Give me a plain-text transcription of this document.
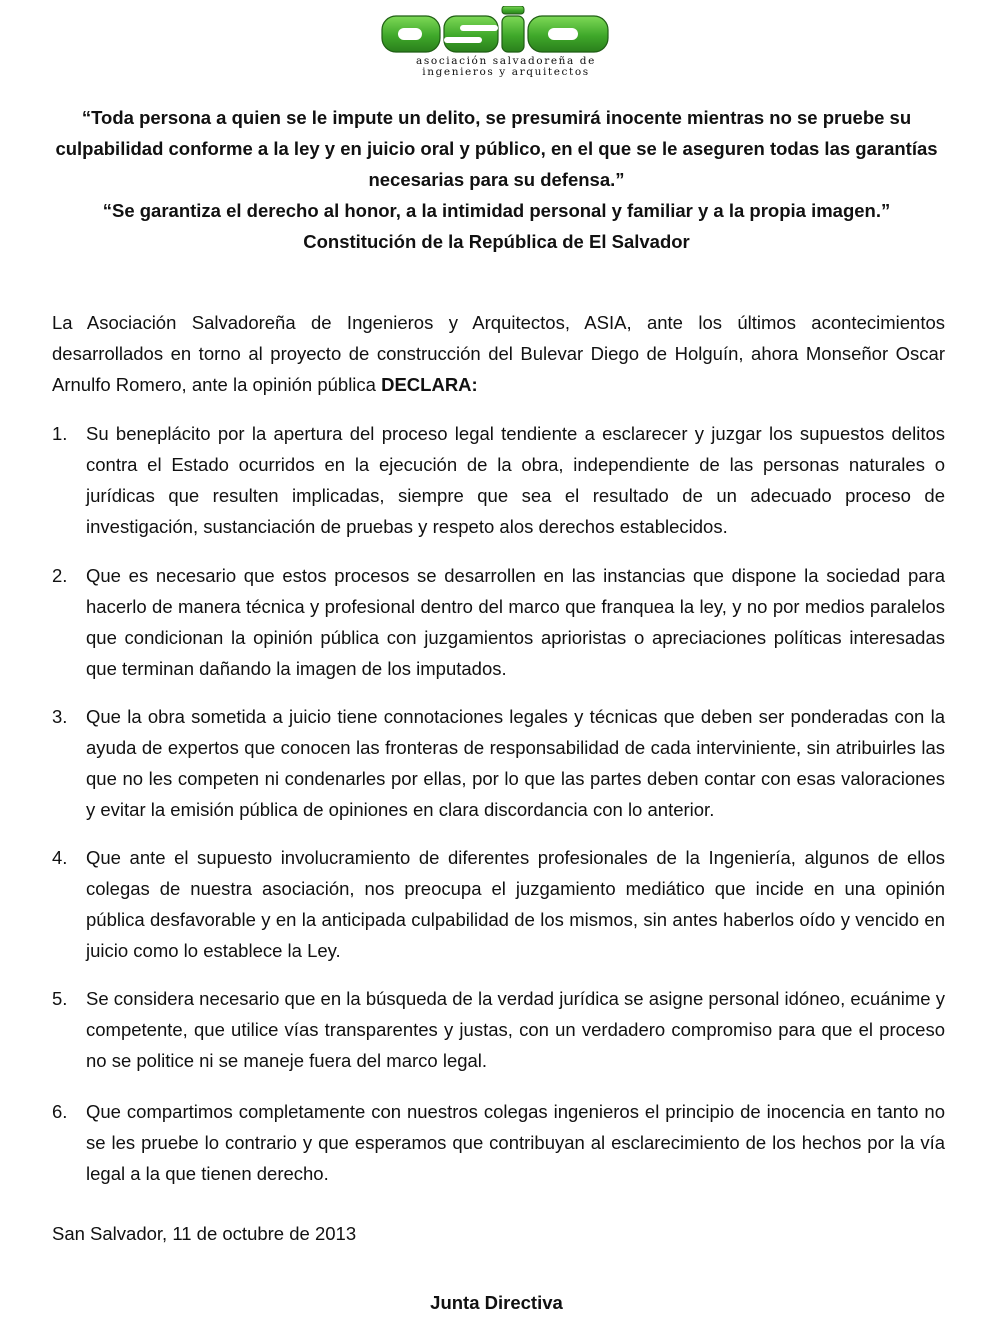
asociación salvadoreña de
ingenieros y arquitectos

“Toda persona a quien se le impute un delito, se presumirá inocente mientras no se pruebe su culpabilidad conforme a la ley y en juicio oral y público, en el que se le aseguren todas las garantías necesarias para su defensa.”

“Se garantiza el derecho al honor, a la intimidad personal y familiar y a la propia imagen.”

Constitución de la República de El Salvador

La Asociación Salvadoreña de Ingenieros y Arquitectos, ASIA, ante los últimos acontecimientos desarrollados en torno al proyecto de construcción del Bulevar Diego de Holguín, ahora Monseñor Oscar Arnulfo Romero, ante la opinión pública DECLARA:
1. Su beneplácito por la apertura del proceso legal tendiente a esclarecer y juzgar los supuestos delitos contra el Estado ocurridos en la ejecución de la obra, independiente de las personas naturales o jurídicas que resulten implicadas, siempre que sea el resultado de un adecuado proceso de investigación, sustanciación de pruebas y respeto alos derechos establecidos.
2. Que es necesario que estos procesos se desarrollen en las instancias que dispone la sociedad para hacerlo de manera técnica y profesional dentro del marco que franquea la ley, y no por medios paralelos que condicionan la opinión pública con juzgamientos aprioristas o apreciaciones políticas interesadas que terminan dañando la imagen de los imputados.
3. Que la obra sometida a juicio tiene connotaciones legales y técnicas que deben ser ponderadas con la ayuda de expertos que conocen las fronteras de responsabilidad de cada interviniente, sin atribuirles las que no les competen ni condenarles por ellas, por lo que las partes deben contar con esas valoraciones y evitar la emisión pública de opiniones en clara discordancia con lo anterior.
4. Que ante el supuesto involucramiento de diferentes profesionales de la Ingeniería, algunos de ellos colegas de nuestra asociación, nos preocupa el juzgamiento mediático que incide en una opinión pública desfavorable y en la anticipada culpabilidad de los mismos, sin antes haberlos oído y vencido en juicio como lo establece la Ley.
5. Se considera necesario que en la búsqueda de la verdad jurídica se asigne personal idóneo, ecuánime y competente, que utilice vías transparentes y justas, con un verdadero compromiso para que el proceso no se politice ni se maneje fuera del marco legal.
6. Que compartimos completamente con nuestros colegas ingenieros el principio de inocencia en tanto no se les pruebe lo contrario y que esperamos que contribuyan al esclarecimiento de los hechos por la vía legal a la que tienen derecho.
San Salvador, 11 de octubre de 2013
Junta Directiva
